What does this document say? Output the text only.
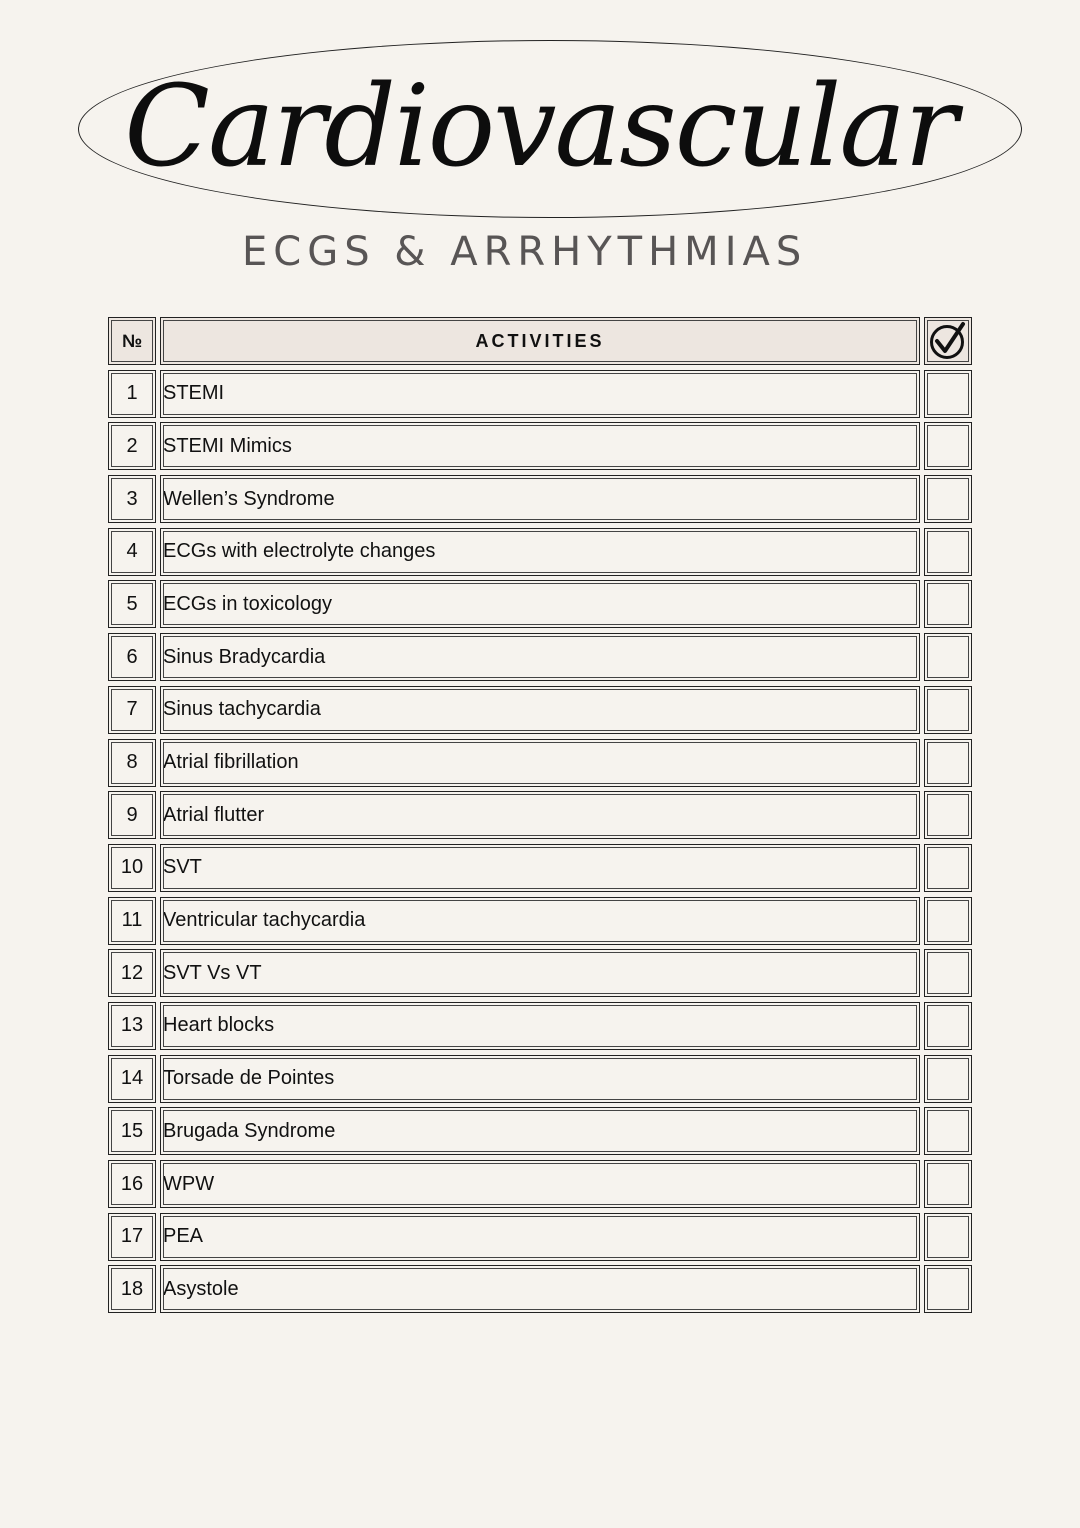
Cardiovascular
ECGS & ARRHYTHMIAS
№	ACTIVITIES
1	STEMI
2	STEMI Mimics
3	Wellen’s Syndrome
4	ECGs with electrolyte changes
5	ECGs in toxicology
6	Sinus Bradycardia
7	Sinus tachycardia
8	Atrial fibrillation
9	Atrial flutter
10 SVT
11	Ventricular tachycardia
12 SVT Vs VT
13 Heart blocks
14 Torsade de Pointes
15 Brugada Syndrome
16 WPW
17 PEA
18 Asystole
